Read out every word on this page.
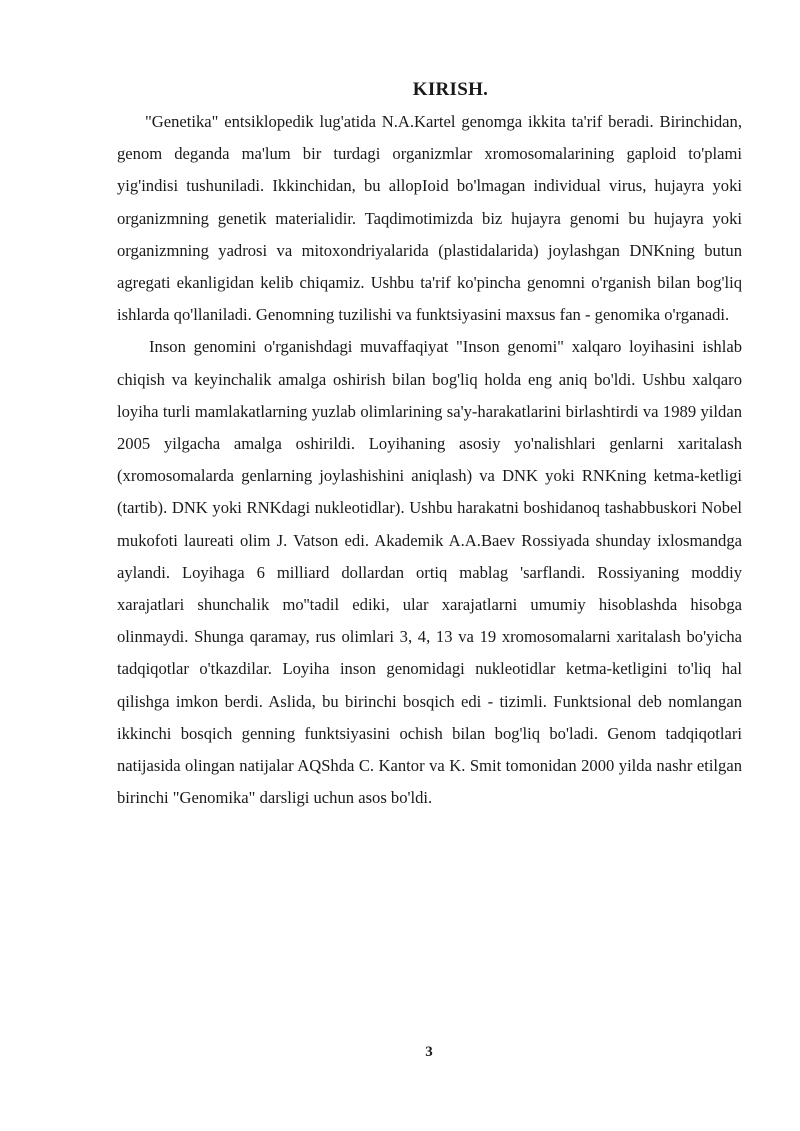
KIRISH.

"Genetika" entsiklopedik lug'atida N.A.Kartel genomga ikkita ta'rif beradi. Birinchidan, genom deganda ma'lum bir turdagi organizmlar xromosomalarining gaploid to'plami yig'indisi tushuniladi. Ikkinchidan, bu allopIoid bo'lmagan individual virus, hujayra yoki organizmning genetik materialidir. Taqdimotimizda biz hujayra genomi bu hujayra yoki organizmning yadrosi va mitoxondriyalarida (plastidalarida) joylashgan DNKning butun agregati ekanligidan kelib chiqamiz. Ushbu ta'rif ko'pincha genomni o'rganish bilan bog'liq ishlarda qo'llaniladi. Genomning tuzilishi va funktsiyasini maxsus fan - genomika o'rganadi.

Inson genomini o'rganishdagi muvaffaqiyat "Inson genomi" xalqaro loyihasini ishlab chiqish va keyinchalik amalga oshirish bilan bog'liq holda eng aniq bo'ldi. Ushbu xalqaro loyiha turli mamlakatlarning yuzlab olimlarining sa'y-harakatlarini birlashtirdi va 1989 yildan 2005 yilgacha amalga oshirildi. Loyihaning asosiy yo'nalishlari genlarni xaritalash (xromosomalarda genlarning joylashishini aniqlash) va DNK yoki RNKning ketma-ketligi (tartib). DNK yoki RNKdagi nukleotidlar). Ushbu harakatni boshidanoq tashabbuskori Nobel mukofoti laureati olim J. Vatson edi. Akademik A.A.Baev Rossiyada shunday ixlosmandga aylandi. Loyihaga 6 milliard dollardan ortiq mablag 'sarflandi. Rossiyaning moddiy xarajatlari shunchalik mo''tadil ediki, ular xarajatlarni umumiy hisoblashda hisobga olinmaydi. Shunga qaramay, rus olimlari 3, 4, 13 va 19 xromosomalarni xaritalash bo'yicha tadqiqotlar o'tkazdilar. Loyiha inson genomidagi nukleotidlar ketma-ketligini to'liq hal qilishga imkon berdi. Aslida, bu birinchi bosqich edi - tizimli. Funktsional deb nomlangan ikkinchi bosqich genning funktsiyasini ochish bilan bog'liq bo'ladi. Genom tadqiqotlari natijasida olingan natijalar AQShda C. Kantor va K. Smit tomonidan 2000 yilda nashr etilgan birinchi "Genomika" darsligi uchun asos bo'ldi.

3
